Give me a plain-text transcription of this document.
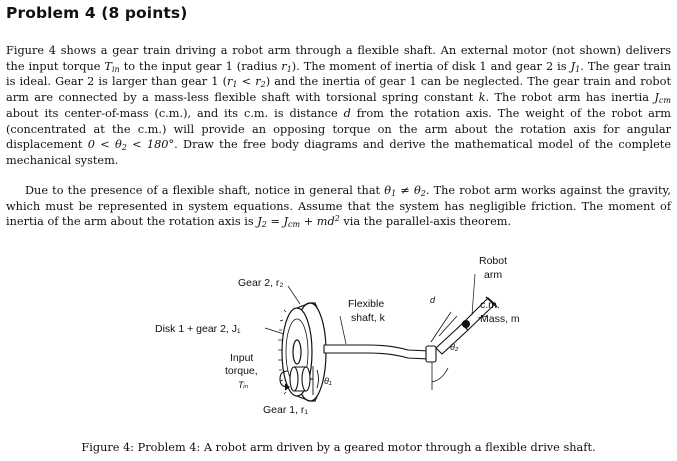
Problem 4 (8 points)

Figure 4 shows a gear train driving a robot arm through a flexible shaft. An external motor (not shown) delivers the input torque $T_{in}$ to the input gear 1 (radius $r_1$). The moment of inertia of disk 1 and gear 2 is $J_1$. The gear train is ideal. Gear 2 is larger than gear 1 $(r_1 < r_2)$ and the inertia of gear 1 can be neglected. The gear train and robot arm are connected by a mass-less flexible shaft with torsional spring constant k. The robot arm has inertia $J_{cm}$ about its center-of-mass (c.m.), and its c.m. is distance d from the rotation axis. The weight of the robot arm (concentrated at the c.m.) will provide an opposing torque on the arm about the rotation axis for angular displacement $0 < \theta_2 < 180^\circ$. Draw the free body diagrams and derive the mathematical model of the complete mechanical system.

Due to the presence of a flexible shaft, notice in general that $\theta_1 \ne \theta_2$. The robot arm works against the gravity, which must be represented in system equations. Assume that the system has negligible friction. The moment of inertia of the arm about the rotation axis is $J_2 = J_{cm} + md^2$ via the parallel-axis theorem.

Gear 2, r₂
Disk 1 + gear 2, J₁
Input
torque,
Tᵢₙ
Gear 1, r₁
θ₁
Flexible
shaft, k
d
Robot
arm
c.m.
Mass, m
θ₂
Figure 4: Problem 4: A robot arm driven by a geared motor through a flexible drive shaft.
